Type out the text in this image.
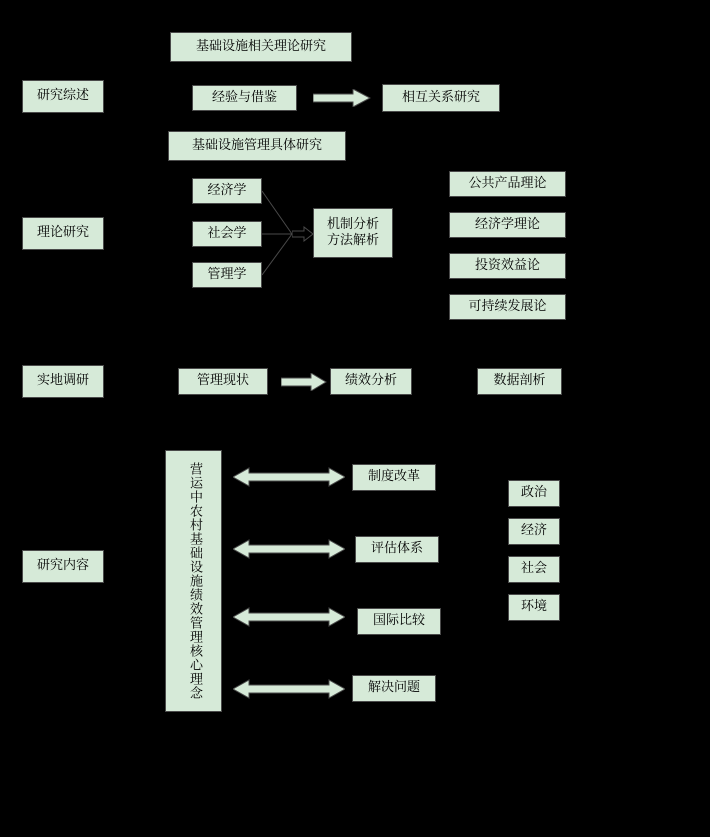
研究综述
理论研究
实地调研
研究内容
基础设施相关理论研究
经验与借鉴	相互关系研究
基础设施管理具体研究
经济学
社会学
管理学
机制分析
方法解析
公共产品理论
经济学理论
投资效益论
可持续发展论
管理现状	绩效分析	数据剖析
营运中农村基础设施绩效管理核心理念	制度改革
评估体系
国际比较
解决问题
政治
经济
社会
环境
